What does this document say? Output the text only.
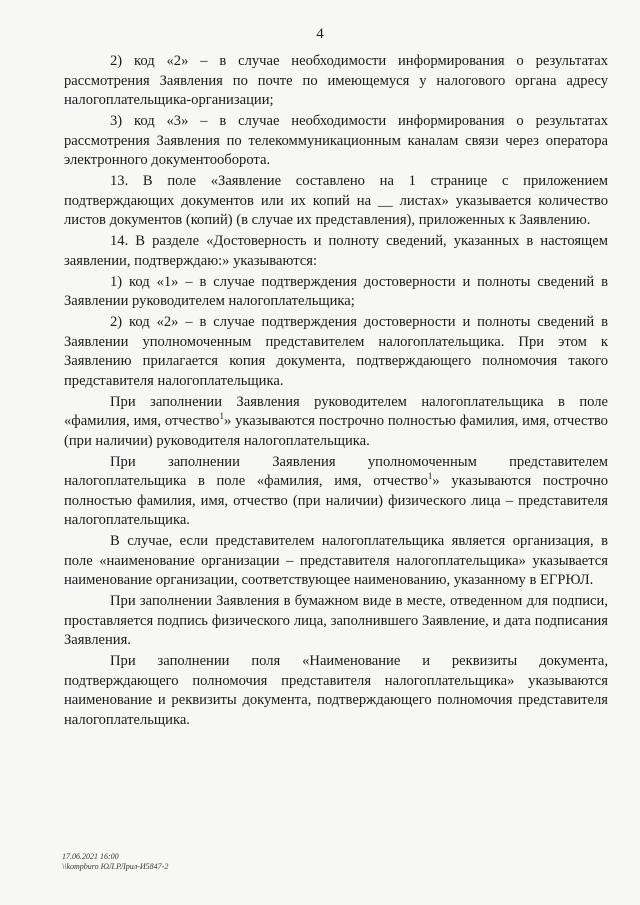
4

2) код «2» – в случае необходимости информирования о результатах рассмотрения Заявления по почте по имеющемуся у налогового органа адресу налогоплательщика-организации;

3) код «3» – в случае необходимости информирования о результатах рассмотрения Заявления по телекоммуникационным каналам связи через оператора электронного документооборота.

13. В поле «Заявление составлено на 1 странице с приложением подтверждающих документов или их копий на __ листах» указывается количество листов документов (копий) (в случае их представления), приложенных к Заявлению.

14. В разделе «Достоверность и полноту сведений, указанных в настоящем заявлении, подтверждаю:» указываются:

1) код «1» – в случае подтверждения достоверности и полноты сведений в Заявлении руководителем налогоплательщика;

2) код «2» – в случае подтверждения достоверности и полноты сведений в Заявлении уполномоченным представителем налогоплательщика. При этом к Заявлению прилагается копия документа, подтверждающего полномочия такого представителя налогоплательщика.

При заполнении Заявления руководителем налогоплательщика в поле «фамилия, имя, отчество$^1$» указываются построчно полностью фамилия, имя, отчество (при наличии) руководителя налогоплательщика.

При заполнении Заявления уполномоченным представителем налогоплательщика в поле «фамилия, имя, отчество$^1$» указываются построчно полностью фамилия, имя, отчество (при наличии) физического лица – представителя налогоплательщика.

В случае, если представителем налогоплательщика является организация, в поле «наименование организации – представителя налогоплательщика» указывается наименование организации, соответствующее наименованию, указанному в ЕГРЮЛ.

При заполнении Заявления в бумажном виде в месте, отведенном для подписи, проставляется подпись физического лица, заполнившего Заявление, и дата подписания Заявления.

При заполнении поля «Наименование и реквизиты документа, подтверждающего полномочия представителя налогоплательщика» указываются наименование и реквизиты документа, подтверждающего полномочия представителя налогоплательщика.

17.06.2021 16:00
\\kompburo ЮЛ.РЛрил-И5847-2
